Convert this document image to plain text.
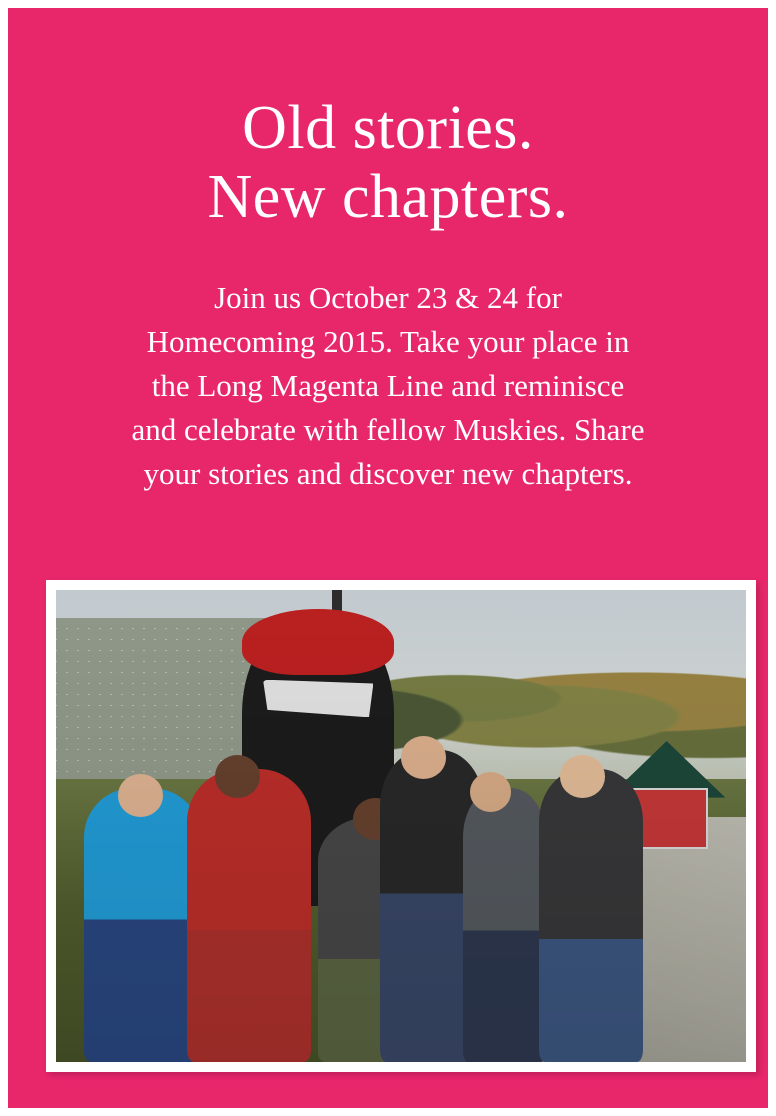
Old stories.
New chapters.
Join us October 23 & 24 for
Homecoming 2015. Take your place in
the Long Magenta Line and reminisce
and celebrate with fellow Muskies. Share
your stories and discover new chapters.
